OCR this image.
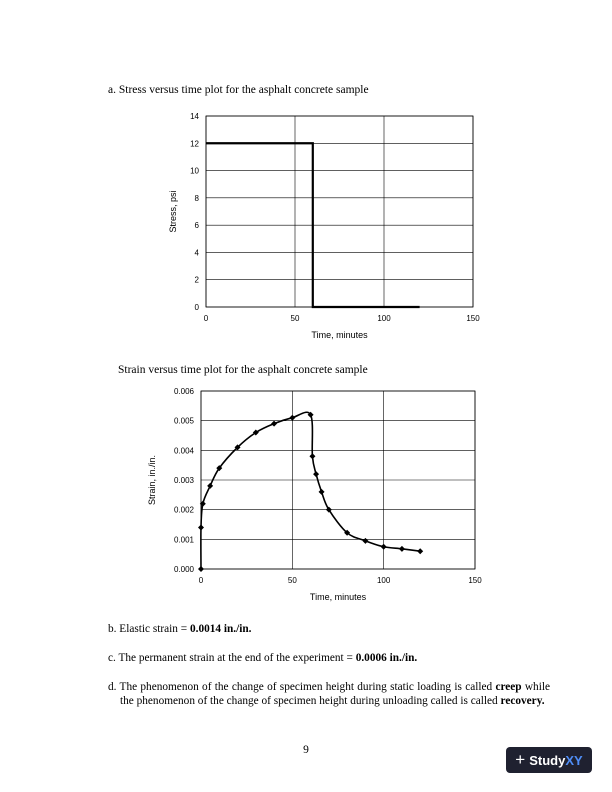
a. Stress versus time plot for the asphalt concrete sample
0
2
4
6
8
10
12
14
0	50	100	150
Time, minutes
Stress, psi
Strain versus time plot for the asphalt concrete sample
0.000
0.001
0.002
0.003
0.004
0.005
0.006
0	50	100	150
Time, minutes
Strain, in./in.
b. Elastic strain = 0.0014 in./in.
c. The permanent strain at the end of the experiment = 0.0006 in./in.
d. The phenomenon of the change of specimen height during static loading is called creep while the phenomenon of the change of specimen height during unloading called is called recovery.
9	+ StudyXY
